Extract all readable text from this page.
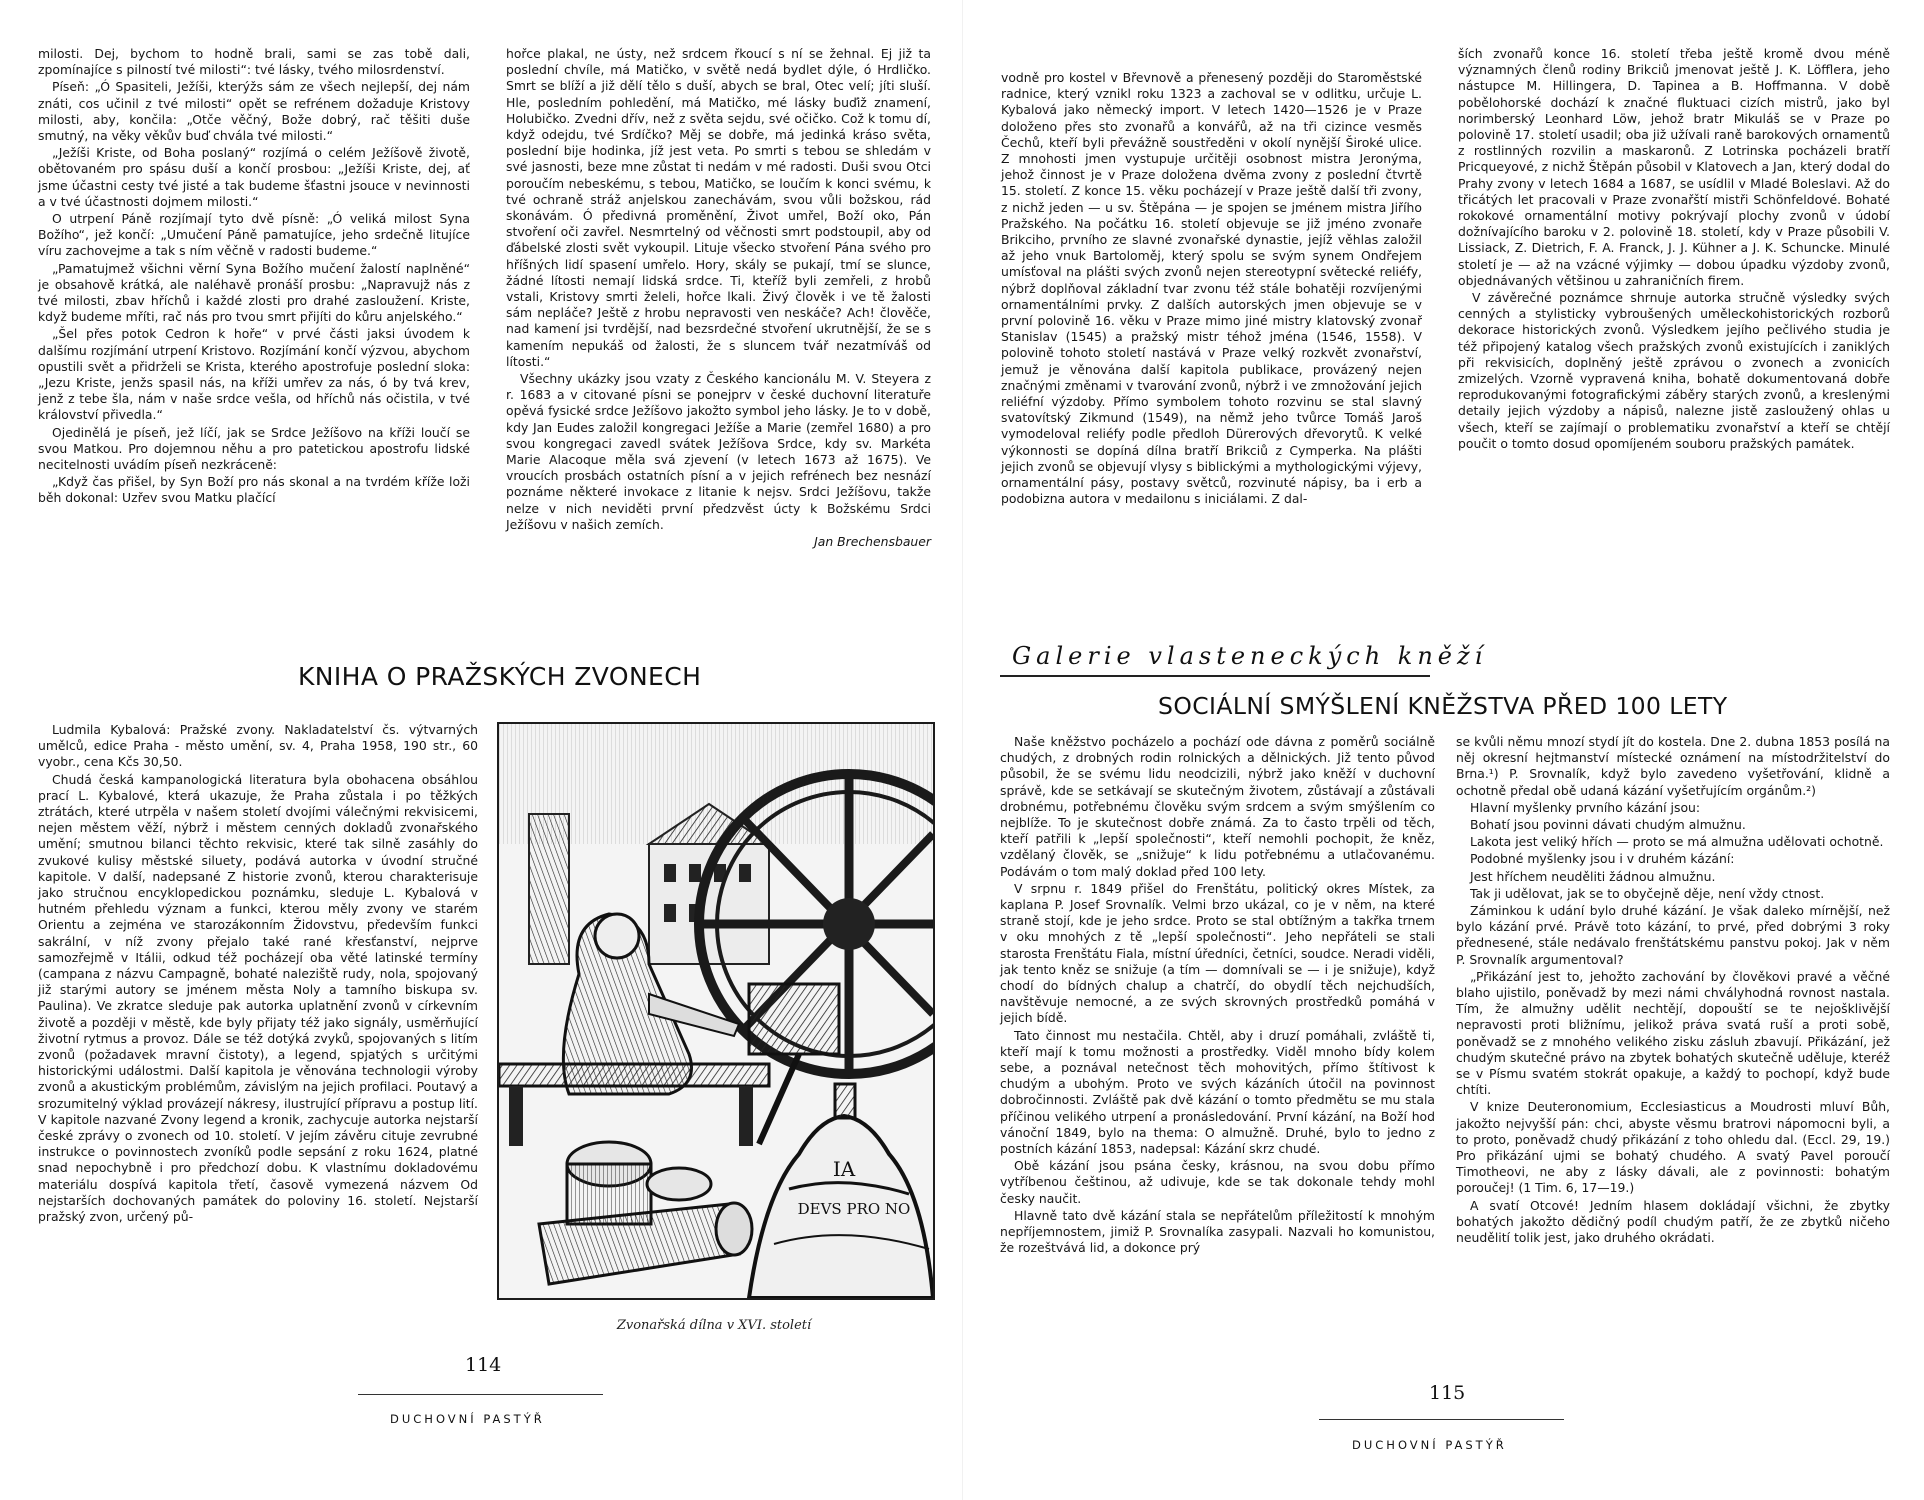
milosti. Dej, bychom to hodně brali, sami se zas tobě dali, zpomínajíce s pilností tvé milosti“: tvé lásky, tvého milosrdenství.

Píseň: „Ó Spasiteli, Ježíši, kterýžs sám ze všech nejlepší, dej nám znáti, cos učinil z tvé milosti“ opět se refrénem dožaduje Kristovy milosti, aby, končila: „Otče věčný, Bože dobrý, rač těšiti duše smutný, na věky věkův buď chvála tvé milosti.“

„Ježíši Kriste, od Boha poslaný“ rozjímá o celém Ježíšově životě, obětovaném pro spásu duší a končí prosbou: „Ježíši Kriste, dej, ať jsme účastni cesty tvé jisté a tak budeme šťastni jsouce v nevinnosti a v tvé účastnosti dojmem milosti.“

O utrpení Páně rozjímají tyto dvě písně: „Ó veliká milost Syna Božího“, jež končí: „Umučení Páně pamatujíce, jeho srdečně litujíce víru zachovejme a tak s ním věčně v radosti budeme.“

„Pamatujmež všichni věrní Syna Božího mučení žalostí naplněné“ je obsahově krátká, ale naléhavě pronáší prosbu: „Napravujž nás z tvé milosti, zbav hříchů i každé zlosti pro drahé zasloužení. Kriste, když budeme mříti, rač nás pro tvou smrt přijíti do kůru anjelského.“

„Šel přes potok Cedron k hoře“ v prvé části jaksi úvodem k dalšímu rozjímání utrpení Kristovo. Rozjímání končí výzvou, abychom opustili svět a přidrželi se Krista, kterého apostrofuje poslední sloka: „Jezu Kriste, jenžs spasil nás, na kříži umřev za nás, ó by tvá krev, jenž z tebe šla, nám v naše srdce vešla, od hříchů nás očistila, v tvé království přivedla.“

Ojedinělá je píseň, jež líčí, jak se Srdce Ježíšovo na kříži loučí se svou Matkou. Pro dojemnou něhu a pro patetickou apostrofu lidské necitelnosti uvádím píseň nezkrácenĕ:

„Když čas přišel, by Syn Boží pro nás skonal a na tvrdém kříže loži běh dokonal: Uzřev svou Matku plačící

hořce plakal, ne ústy, než srdcem řkoucí s ní se žehnal. Ej již ta poslední chvíle, má Matičko, v světě nedá bydlet dýle, ó Hrdličko. Smrt se blíží a již dělí tělo s duší, abych se bral, Otec velí; jíti sluší. Hle, posledním pohledění, má Matičko, mé lásky buďiž znamení, Holubičko. Zvedni dřív, než z světa sejdu, své očičko. Což k tomu dí, když odejdu, tvé Srdíčko? Měj se dobře, má jedinká kráso světa, poslední bije hodinka, jíž jest veta. Po smrti s tebou se shledám v své jasnosti, beze mne zůstat ti nedám v mé radosti. Duši svou Otci poroučím nebeskému, s tebou, Matičko, se loučím k konci svému, k tvé ochraně stráž anjelskou zanechávám, svou vůli božskou, rád skonávám. Ó předivná proměnění, Život umřel, Boží oko, Pán stvoření oči zavřel. Nesmrtelný od věčnosti smrt podstoupil, aby od ďábelské zlosti svět vykoupil. Lituje všecko stvoření Pána svého pro hříšných lidí spasení umřelo. Hory, skály se pukají, tmí se slunce, žádné lítosti nemají lidská srdce. Ti, kteříž byli zemřeli, z hrobů vstali, Kristovy smrti želeli, hořce lkali. Živý člověk i ve tě žalosti sám nepláče? Ještě z hrobu nepravosti ven neskáče? Ach! člověče, nad kamení jsi tvrdější, nad bezsrdečné stvoření ukrutnější, že se s kamením nepukáš od žalosti, že s sluncem tvář nezatmíváš od lítosti.“

Všechny ukázky jsou vzaty z Českého kancionálu M. V. Steyera z r. 1683 a v citované písni se ponejprv v české duchovní literatuře opěvá fysické srdce Ježíšovo jakožto symbol jeho lásky. Je to v době, kdy Jan Eudes založil kongregaci Ježíše a Marie (zemřel 1680) a pro svou kongregaci zavedl svátek Ježíšova Srdce, kdy sv. Markéta Marie Alacoque měla svá zjevení (v letech 1673 až 1675). Ve vroucích prosbách ostatních písní a v jejich refrénech bez nesnází poznáme některé invokace z litanie k nejsv. Srdci Ježíšovu, takže nelze v nich neviděti první předzvěst úcty k Božskému Srdci Ježíšovu v našich zemích.

Jan Brechensbauer

KNIHA O PRAŽSKÝCH ZVONECH

Ludmila Kybalová: Pražské zvony. Nakladatelství čs. výtvarných umělců, edice Praha - město umění, sv. 4, Praha 1958, 190 str., 60 vyobr., cena Kčs 30,50.

Chudá česká kampanologická literatura byla obohacena obsáhlou prací L. Kybalové, která ukazuje, že Praha zůstala i po těžkých ztrátách, které utrpěla v našem století dvojími válečnými rekvisicemi, nejen městem věží, nýbrž i městem cenných dokladů zvonařského umění; smutnou bilanci těchto rekvisic, které tak silně zasáhly do zvukové kulisy městské siluety, podává autorka v úvodní stručné kapitole. V další, nadepsané Z historie zvonů, kterou charakterisuje jako stručnou encyklopedickou poznámku, sleduje L. Kybalová v hutném přehledu význam a funkci, kterou měly zvony ve starém Orientu a zejména ve starozákonním Židovstvu, především funkci sakrální, v níž zvony přejalo také rané křesťanství, nejprve samozřejmě v Itálii, odkud též pocházejí oba věté latinské termíny (campana z názvu Campagně, bohaté naleziště rudy, nola, spojovaný již starými autory se jménem města Noly a tamního biskupa sv. Paulina). Ve zkratce sleduje pak autorka uplatnění zvonů v církevním životě a později v městě, kde byly přijaty též jako signály, usměrňující životní rytmus a provoz. Dále se též dotýká zvyků, spojovaných s litím zvonů (požadavek mravní čistoty), a legend, spjatých s určitými historickými událostmi. Další kapitola je věnována technologii výroby zvonů a akustickým problémům, závislým na jejich profilaci. Poutavý a srozumitelný výklad provázejí nákresy, ilustrující přípravu a postup lití. V kapitole nazvané Zvony legend a kronik, zachycuje autorka nejstarší české zprávy o zvonech od 10. století. V jejím závěru cituje zevrubné instrukce o povinnostech zvoníků podle sepsání z roku 1624, platné snad nepochybně i pro předchozí dobu. K vlastnímu dokladovému materiálu dospívá kapitola třetí, časově vymezená názvem Od nejstarších dochovaných památek do poloviny 16. století. Nejstarší pražský zvon, určený pů-

IA
DEVS PRO NO
Zvonařská dílna v XVI. století
114
DUCHOVNÍ PASTÝŘ

vodně pro kostel v Břevnově a přenesený později do Staroměstské radnice, který vznikl roku 1323 a zachoval se v odlitku, určuje L. Kybalová jako německý import. V letech 1420—1526 je v Praze doloženo přes sto zvonařů a konvářů, až na tři cizince vesměs Čechů, kteří byli převážně soustředěni v okolí nynější Široké ulice. Z mnohosti jmen vystupuje určitěji osobnost mistra Jeronýma, jehož činnost je v Praze doložena dvěma zvony z poslední čtvrtě 15. století. Z konce 15. věku pocházejí v Praze ještě další tři zvony, z nichž jeden — u sv. Štěpána — je spojen se jménem mistra Jiřího Pražského. Na počátku 16. století objevuje se již jméno zvonaře Brikciho, prvního ze slavné zvonařské dynastie, jejíž věhlas založil až jeho vnuk Bartoloměj, který spolu se svým synem Ondřejem umísťoval na plášti svých zvonů nejen stereotypní světecké reliéfy, nýbrž doplňoval základní tvar zvonu též stále bohatěji rozvíjenými ornamentálními prvky. Z dalších autorských jmen objevuje se v první polovině 16. věku v Praze mimo jiné mistry klatovský zvonař Stanislav (1545) a pražský mistr téhož jména (1546, 1558). V polovině tohoto století nastává v Praze velký rozkvět zvonařství, jemuž je věnována další kapitola publikace, provázený nejen značnými změnami v tvarování zvonů, nýbrž i ve zmnožování jejich reliéfní výzdoby. Přímo symbolem tohoto rozvinu se stal slavný svatovítský Zikmund (1549), na němž jeho tvůrce Tomáš Jaroš vymodeloval reliéfy podle předloh Dürerových dřevorytů. K velké výkonnosti se dopíná dílna bratří Brikciů z Cymperka. Na plášti jejich zvonů se objevují vlysy s biblickými a mythologickými výjevy, ornamentální pásy, postavy světců, rozvinuté nápisy, ba i erb a podobizna autora v medailonu s iniciálami. Z dal-

ších zvonařů konce 16. století třeba ještě kromě dvou méně významných členů rodiny Brikciů jmenovat ještě J. K. Löfflera, jeho nástupce M. Hillingera, D. Tapinea a B. Hoffmanna. V době pobělohorské dochází k značné fluktuaci cizích mistrů, jako byl norimberský Leonhard Löw, jehož bratr Mikuláš se v Praze po polovině 17. století usadil; oba již užívali raně barokových ornamentů z rostlinných rozvilin a maskaronů. Z Lotrinska pocházeli bratří Pricqueyové, z nichž Štěpán působil v Klatovech a Jan, který dodal do Prahy zvony v letech 1684 a 1687, se usídlil v Mladé Boleslavi. Až do třicátých let pracovali v Praze zvonařští mistři Schönfeldové. Bohaté rokokové ornamentální motivy pokrývají plochy zvonů v údobí dožnívajícího baroku v 2. polovině 18. století, kdy v Praze působili V. Lissiack, Z. Dietrich, F. A. Franck, J. J. Kühner a J. K. Schuncke. Minulé století je — až na vzácné výjimky — dobou úpadku výzdoby zvonů, objednávaných většinou u zahraničních firem.

V závěrečné poznámce shrnuje autorka stručně výsledky svých cenných a stylisticky vybroušených uměleckohistorických rozborů dekorace historických zvonů. Výsledkem jejího pečlivého studia je též připojený katalog všech pražských zvonů existujících i zaniklých při rekvisicích, doplněný ještě zprávou o zvonech a zvonicích zmizelých. Vzorně vypravená kniha, bohatě dokumentovaná dobře reprodukovanými fotografickými záběry starých zvonů, a kreslenými detaily jejich výzdoby a nápisů, nalezne jistě zasloužený ohlas u všech, kteří se zajímají o problematiku zvonařství a kteří se chtějí poučit o tomto dosud opomíjeném souboru pražských památek.

Galerie vlasteneckých kněží
SOCIÁLNÍ SMÝŠLENÍ KNĚŽSTVA PŘED 100 LETY

Naše kněžstvo pocházelo a pochází ode dávna z poměrů sociálně chudých, z drobných rodin rolnických a dělnických. Již tento původ působil, že se svému lidu neodcizili, nýbrž jako kněží v duchovní správě, kde se setkávají se skutečným životem, zůstávají a zůstávali drobnému, potřebnému člověku svým srdcem a svým smýšlením co nejblíže. To je skutečnost dobře známá. Za to často trpěli od těch, kteří patřili k „lepší společnosti“, kteří nemohli pochopit, že kněz, vzdělaný člověk, se „snižuje“ k lidu potřebnému a utlačovanému. Podávám o tom malý doklad před 100 lety.

V srpnu r. 1849 přišel do Frenštátu, politický okres Místek, za kaplana P. Josef Srovnalík. Velmi brzo ukázal, co je v něm, na které straně stojí, kde je jeho srdce. Proto se stal obtížným a takřka trnem v oku mnohých z tě „lepší společnosti“. Jeho nepřáteli se stali starosta Frenštátu Fiala, místní úředníci, četníci, soudce. Neradi viděli, jak tento kněz se snižuje (a tím — domnívali se — i je snižuje), když chodí do bídných chalup a chatrčí, do obydlí těch nejchudších, navštěvuje nemocné, a ze svých skrovných prostředků pomáhá v jejich bídě.

Tato činnost mu nestačila. Chtěl, aby i druzí pomáhali, zvláště ti, kteří mají k tomu možnosti a prostředky. Viděl mnoho bídy kolem sebe, a poznával netečnost těch mohovitých, přímo štítivost k chudým a ubohým. Proto ve svých kázáních útočil na povinnost dobročinnosti. Zvláště pak dvě kázání o tomto předmětu se mu stala příčinou velikého utrpení a pronásledování. První kázání, na Boží hod vánoční 1849, bylo na thema: O almužně. Druhé, bylo to jedno z postních kázání 1853, nadepsal: Kázání skrz chudé.

Obě kázání jsou psána česky, krásnou, na svou dobu přímo vytříbenou češtinou, až udivuje, kde se tak dokonale tehdy mohl česky naučit.

Hlavně tato dvě kázání stala se nepřátelům příležitostí k mnohým nepříjemnostem, jimiž P. Srovnalíka zasypali. Nazvali ho komunistou, že rozeštvává lid, a dokonce prý

se kvůli němu mnozí stydí jít do kostela. Dne 2. dubna 1853 posílá na něj okresní hejtmanství místecké oznámení na místodržitelství do Brna.¹) P. Srovnalík, když bylo zavedeno vyšetřování, klidně a ochotně předal obě udaná kázání vyšetřujícím orgánům.²)

Hlavní myšlenky prvního kázání jsou:

Bohatí jsou povinni dávati chudým almužnu.

Lakota jest veliký hřích — proto se má almužna udělovati ochotně.

Podobné myšlenky jsou i v druhém kázání:

Jest hříchem neuděliti žádnou almužnu.

Tak ji udělovat, jak se to obyčejně děje, není vždy ctnost.

Záminkou k udání bylo druhé kázání. Je však daleko mírnější, než bylo kázání prvé. Právě toto kázání, to prvé, před dobrými 3 roky přednesené, stále nedávalo frenštátskému panstvu pokoj. Jak v něm P. Srovnalík argumentoval?

„Přikázání jest to, jehožto zachování by člověkovi pravé a věčné blaho ujistilo, poněvadž by mezi námi chvályhodná rovnost nastala. Tím, že almužny udělit nechtějí, dopouští se te nejošklivější nepravosti proti bližnímu, jelikož práva svatá ruší a proti sobě, poněvadž se z mnohého velikého zisku zásluh zbavují. Přikázání, jež chudým skutečné právo na zbytek bohatých skutečně uděluje, kteréž se v Písmu svatém stokrát opakuje, a každý to pochopí, když bude chtíti.

V knize Deuteronomium, Ecclesiasticus a Moudrosti mluví Bůh, jakožto nejvyšší pán: chci, abyste věsmu bratrovi nápomocni byli, a to proto, poněvadž chudý přikázání z toho ohledu dal. (Eccl. 29, 19.) Pro přikázání ujmi se bohatý chudého. A svatý Pavel poroučí Timotheovi, ne aby z lásky dávali, ale z povinnosti: bohatým poroučej! (1 Tim. 6, 17—19.)

A svatí Otcové! Jedním hlasem dokládají všichni, že zbytky bohatých jakožto dědičný podíl chudým patří, že ze zbytků ničeho neudělití tolik jest, jako druhého okrádati.

115
DUCHOVNÍ PASTÝŘ
